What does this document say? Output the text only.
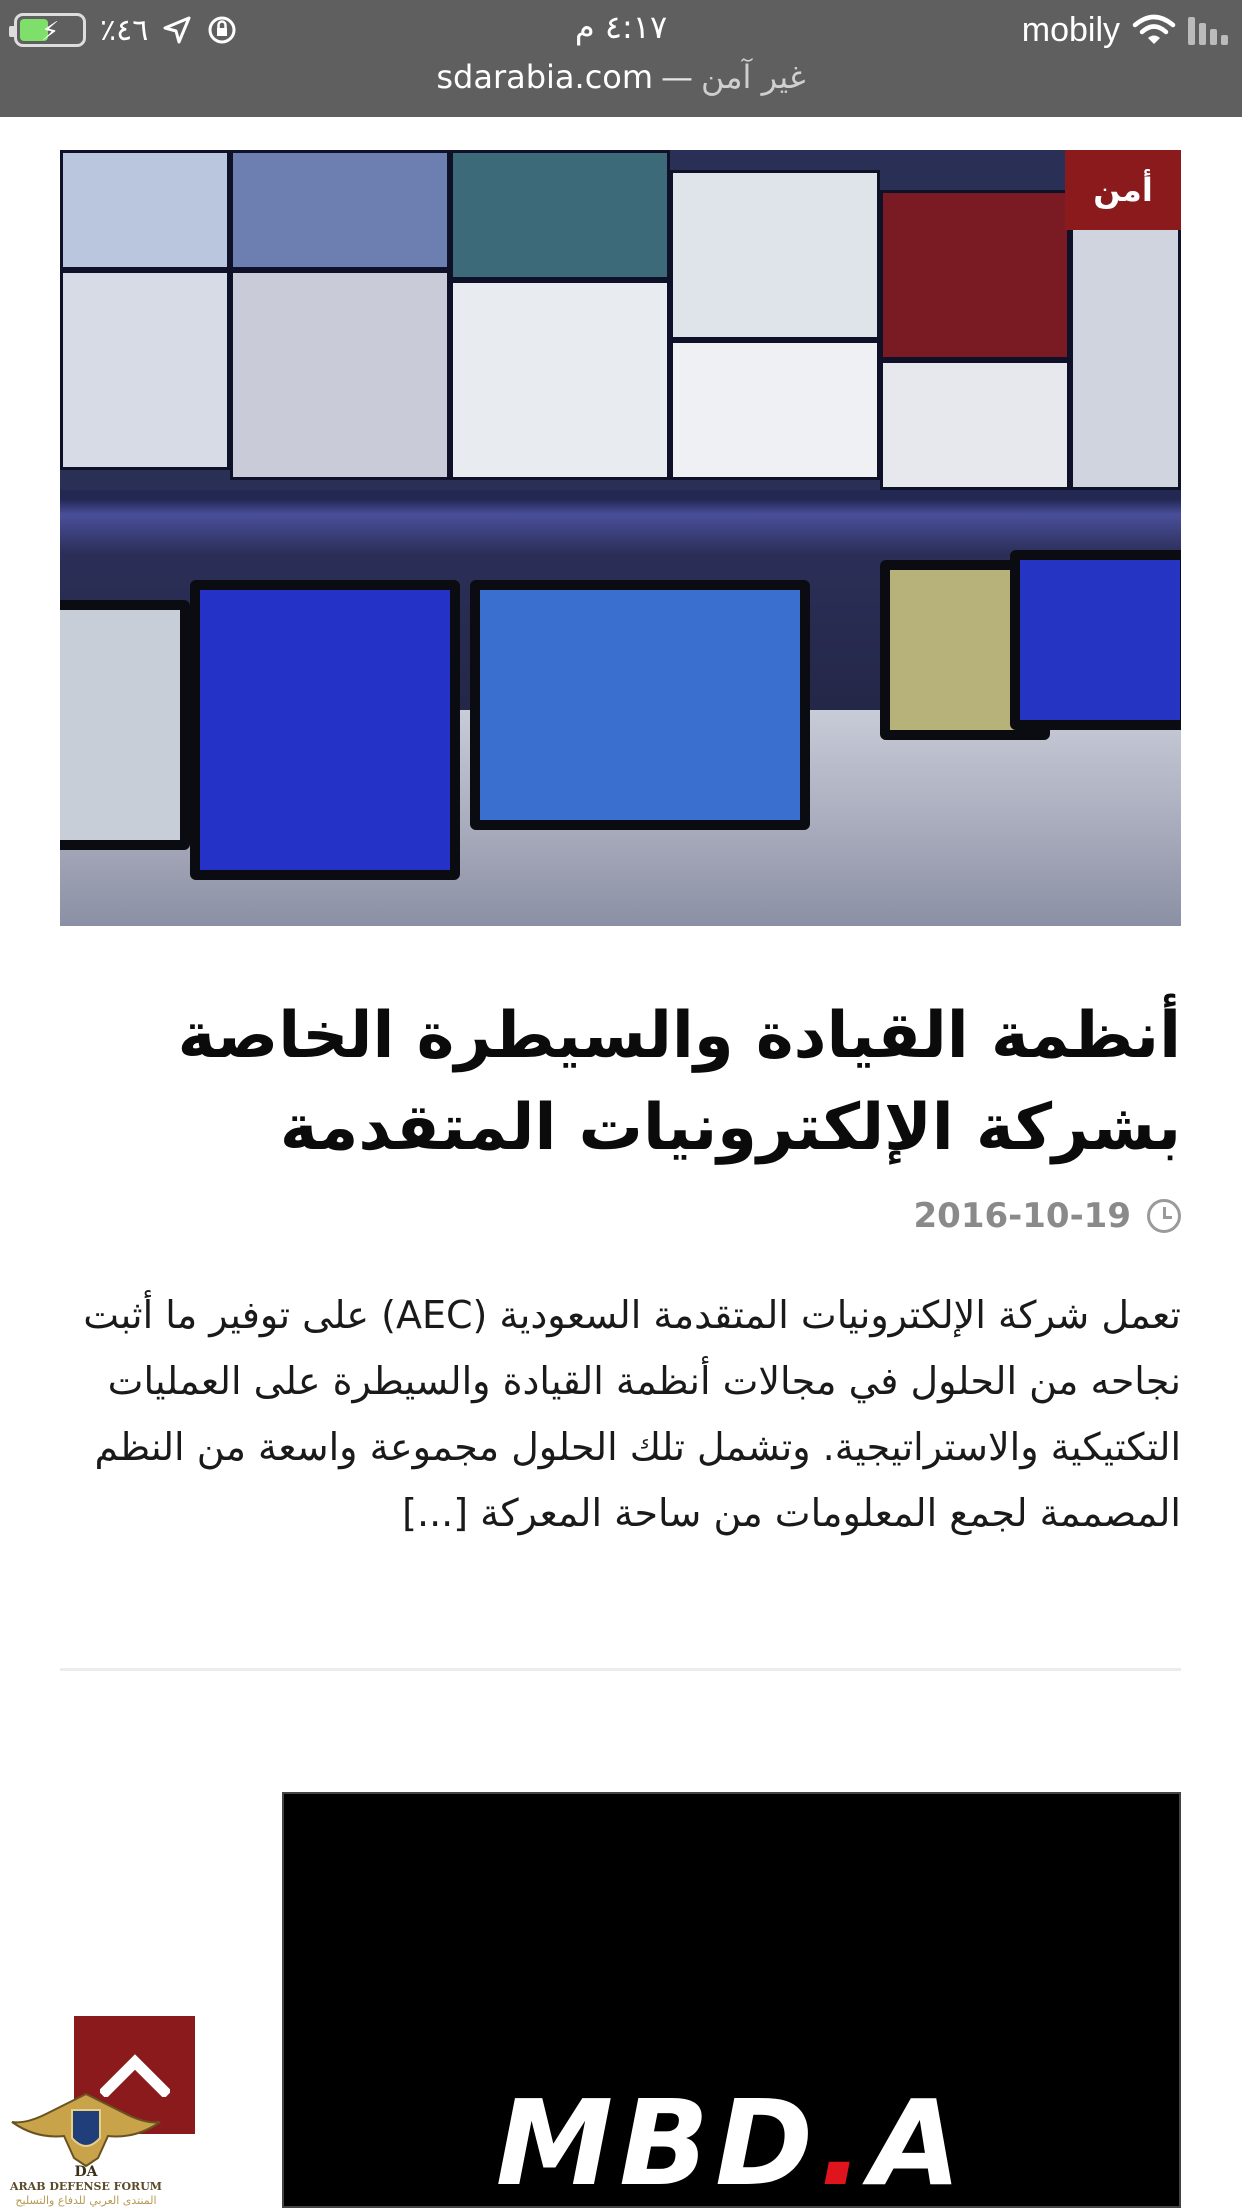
⚡ ٪٤٦	٤:١٧ م	mobily
sdarabia.com — غير آمن
أمن
أنظمة القيادة والسيطرة الخاصة بشركة الإلكترونيات المتقدمة
2016-10-19

تعمل شركة الإلكترونيات المتقدمة السعودية (AEC) على توفير ما أثبت نجاحه من الحلول في مجالات أنظمة القيادة والسيطرة على العمليات التكتيكية والاستراتيجية. وتشمل تلك الحلول مجموعة واسعة من النظم المصممة لجمع المعلومات من ساحة المعركة [...]

MBD.A
DA
ARAB DEFENSE FORUM
المنتدى العربي للدفاع والتسليح
